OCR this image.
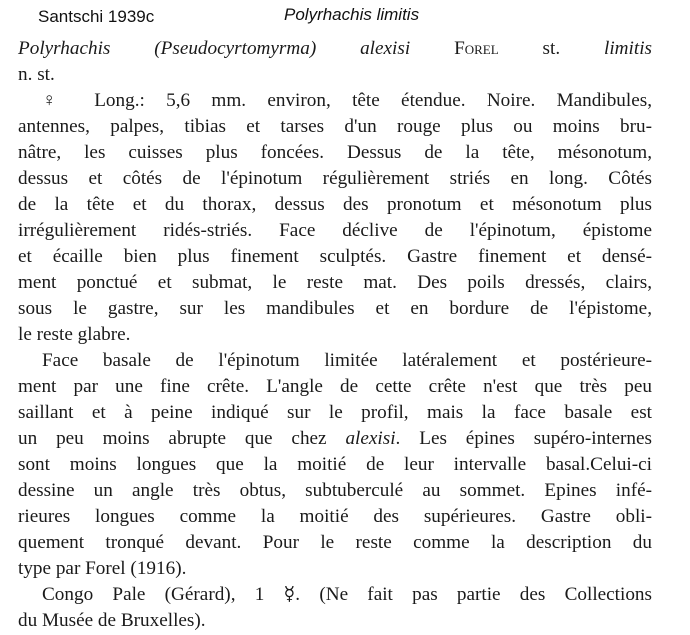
Santschi 1939c	Polyrhachis limitis
Polyrhachis (Pseudocyrtomyrma) alexisi Forel st. limitis
n. st.
♀ Long.: 5,6 mm. environ, tête étendue. Noire. Mandibules,
antennes, palpes, tibias et tarses d'un rouge plus ou moins bru-
nâtre, les cuisses plus foncées. Dessus de la tête, mésonotum,
dessus et côtés de l'épinotum régulièrement striés en long. Côtés
de la tête et du thorax, dessus des pronotum et mésonotum plus
irrégulièrement ridés-striés. Face déclive de l'épinotum, épistome
et écaille bien plus finement sculptés. Gastre finement et densé-
ment ponctué et submat, le reste mat. Des poils dressés, clairs,
sous le gastre, sur les mandibules et en bordure de l'épistome,
le reste glabre.
Face basale de l'épinotum limitée latéralement et postérieure-
ment par une fine crête. L'angle de cette crête n'est que très peu
saillant et à peine indiqué sur le profil, mais la face basale est
un peu moins abrupte que chez alexisi. Les épines supéro-internes
sont moins longues que la moitié de leur intervalle basal.Celui-ci
dessine un angle très obtus, subtuberculé au sommet. Epines infé-
rieures longues comme la moitié des supérieures. Gastre obli-
quement tronqué devant. Pour le reste comme la description du
type par Forel (1916).
Congo Pale (Gérard), 1 ☿. (Ne fait pas partie des Collections
du Musée de Bruxelles).
